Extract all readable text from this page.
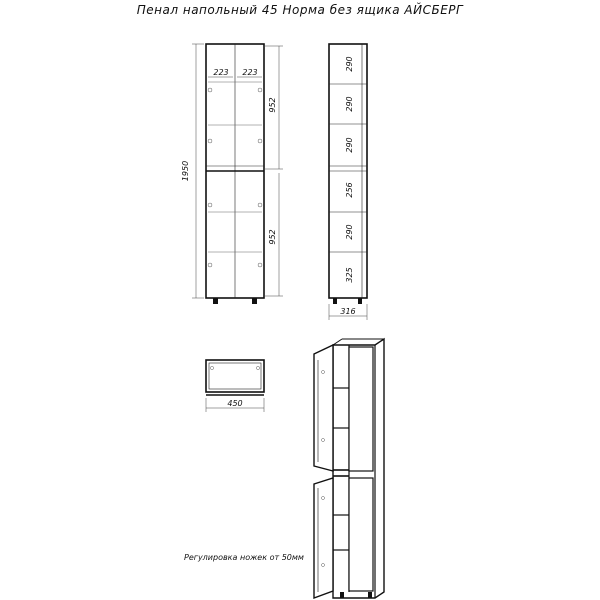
Пенал напольный 45 Норма без ящика АЙСБЕРГ
223 223
1950
952
952
290
290
290
256
290
325
316
450
Регулировка ножек от 50мм
